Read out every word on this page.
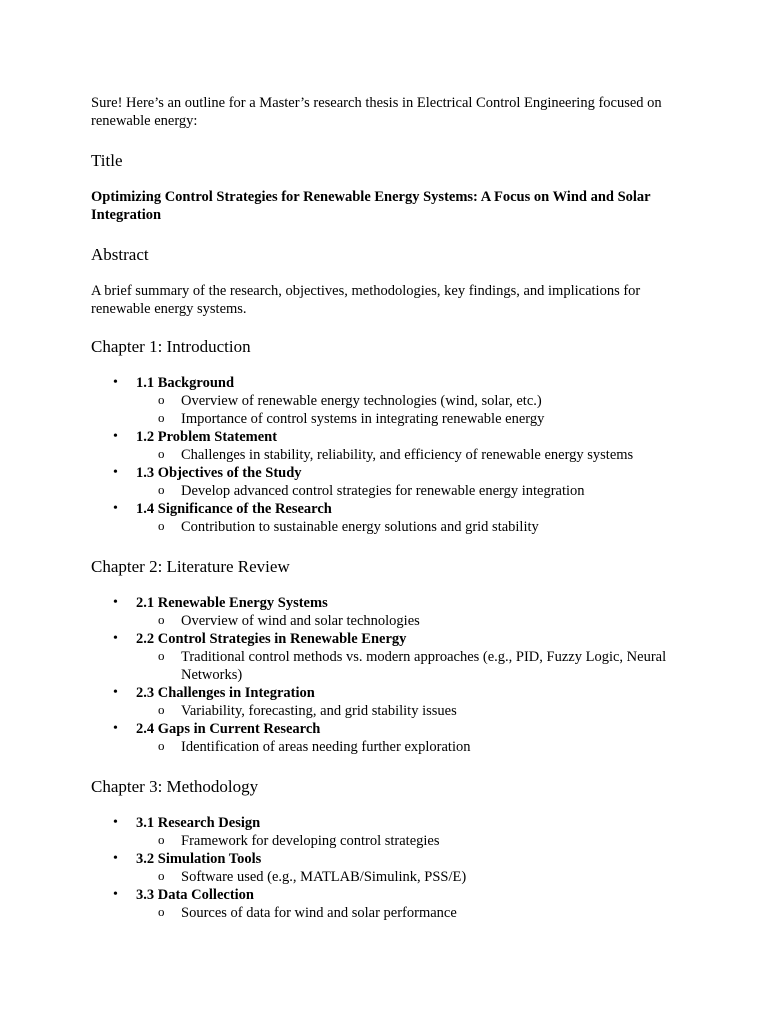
Sure! Here’s an outline for a Master’s research thesis in Electrical Control Engineering focused on renewable energy:

Title

Optimizing Control Strategies for Renewable Energy Systems: A Focus on Wind and Solar Integration

Abstract

A brief summary of the research, objectives, methodologies, key findings, and implications for renewable energy systems.

Chapter 1: Introduction
• 1.1 Background
o Overview of renewable energy technologies (wind, solar, etc.)
o Importance of control systems in integrating renewable energy
• 1.2 Problem Statement
o Challenges in stability, reliability, and efficiency of renewable energy systems
• 1.3 Objectives of the Study
o Develop advanced control strategies for renewable energy integration
• 1.4 Significance of the Research
o Contribution to sustainable energy solutions and grid stability
Chapter 2: Literature Review
• 2.1 Renewable Energy Systems
o Overview of wind and solar technologies
• 2.2 Control Strategies in Renewable Energy
o Traditional control methods vs. modern approaches (e.g., PID, Fuzzy Logic, Neural Networks)
• 2.3 Challenges in Integration
o Variability, forecasting, and grid stability issues
• 2.4 Gaps in Current Research
o Identification of areas needing further exploration
Chapter 3: Methodology
• 3.1 Research Design
o Framework for developing control strategies
• 3.2 Simulation Tools
o Software used (e.g., MATLAB/Simulink, PSS/E)
• 3.3 Data Collection
o Sources of data for wind and solar performance
